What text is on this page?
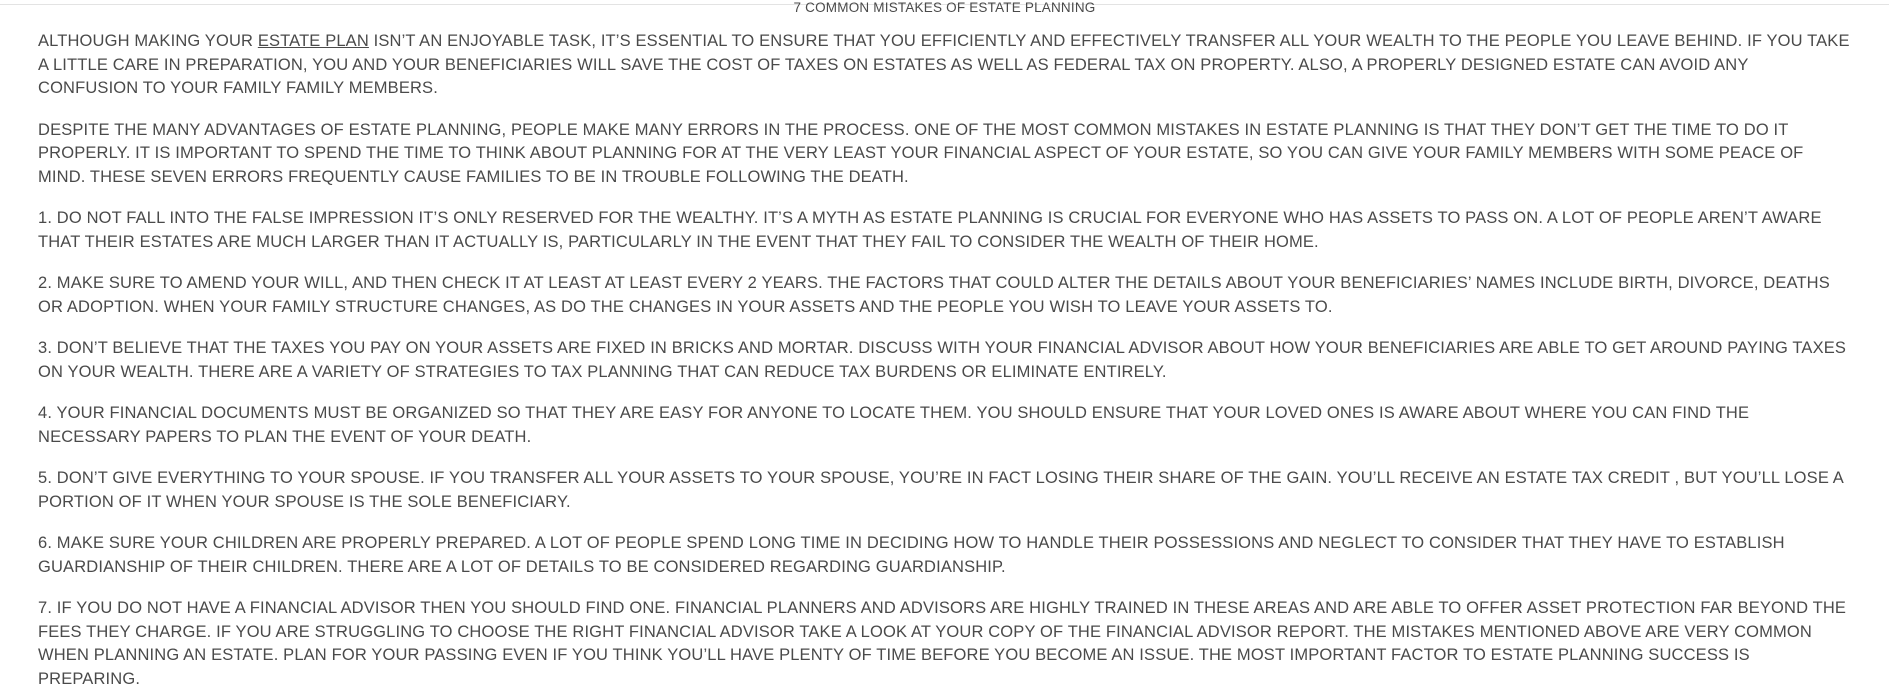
7 COMMON MISTAKES OF ESTATE PLANNING

ALTHOUGH MAKING YOUR ESTATE PLAN ISN’T AN ENJOYABLE TASK, IT’S ESSENTIAL TO ENSURE THAT YOU EFFICIENTLY AND EFFECTIVELY TRANSFER ALL YOUR WEALTH TO THE PEOPLE YOU LEAVE BEHIND. IF YOU TAKE A LITTLE CARE IN PREPARATION, YOU AND YOUR BENEFICIARIES WILL SAVE THE COST OF TAXES ON ESTATES AS WELL AS FEDERAL TAX ON PROPERTY. ALSO, A PROPERLY DESIGNED ESTATE CAN AVOID ANY CONFUSION TO YOUR FAMILY FAMILY MEMBERS.

DESPITE THE MANY ADVANTAGES OF ESTATE PLANNING, PEOPLE MAKE MANY ERRORS IN THE PROCESS. ONE OF THE MOST COMMON MISTAKES IN ESTATE PLANNING IS THAT THEY DON’T GET THE TIME TO DO IT PROPERLY. IT IS IMPORTANT TO SPEND THE TIME TO THINK ABOUT PLANNING FOR AT THE VERY LEAST YOUR FINANCIAL ASPECT OF YOUR ESTATE, SO YOU CAN GIVE YOUR FAMILY MEMBERS WITH SOME PEACE OF MIND. THESE SEVEN ERRORS FREQUENTLY CAUSE FAMILIES TO BE IN TROUBLE FOLLOWING THE DEATH.

1. DO NOT FALL INTO THE FALSE IMPRESSION IT’S ONLY RESERVED FOR THE WEALTHY. IT’S A MYTH AS ESTATE PLANNING IS CRUCIAL FOR EVERYONE WHO HAS ASSETS TO PASS ON. A LOT OF PEOPLE AREN’T AWARE THAT THEIR ESTATES ARE MUCH LARGER THAN IT ACTUALLY IS, PARTICULARLY IN THE EVENT THAT THEY FAIL TO CONSIDER THE WEALTH OF THEIR HOME.

2. MAKE SURE TO AMEND YOUR WILL, AND THEN CHECK IT AT LEAST AT LEAST EVERY 2 YEARS. THE FACTORS THAT COULD ALTER THE DETAILS ABOUT YOUR BENEFICIARIES’ NAMES INCLUDE BIRTH, DIVORCE, DEATHS OR ADOPTION. WHEN YOUR FAMILY STRUCTURE CHANGES, AS DO THE CHANGES IN YOUR ASSETS AND THE PEOPLE YOU WISH TO LEAVE YOUR ASSETS TO.

3. DON’T BELIEVE THAT THE TAXES YOU PAY ON YOUR ASSETS ARE FIXED IN BRICKS AND MORTAR. DISCUSS WITH YOUR FINANCIAL ADVISOR ABOUT HOW YOUR BENEFICIARIES ARE ABLE TO GET AROUND PAYING TAXES ON YOUR WEALTH. THERE ARE A VARIETY OF STRATEGIES TO TAX PLANNING THAT CAN REDUCE TAX BURDENS OR ELIMINATE ENTIRELY.

4. YOUR FINANCIAL DOCUMENTS MUST BE ORGANIZED SO THAT THEY ARE EASY FOR ANYONE TO LOCATE THEM. YOU SHOULD ENSURE THAT YOUR LOVED ONES IS AWARE ABOUT WHERE YOU CAN FIND THE NECESSARY PAPERS TO PLAN THE EVENT OF YOUR DEATH.

5. DON’T GIVE EVERYTHING TO YOUR SPOUSE. IF YOU TRANSFER ALL YOUR ASSETS TO YOUR SPOUSE, YOU’RE IN FACT LOSING THEIR SHARE OF THE GAIN. YOU’LL RECEIVE AN ESTATE TAX CREDIT , BUT YOU’LL LOSE A PORTION OF IT WHEN YOUR SPOUSE IS THE SOLE BENEFICIARY.

6. MAKE SURE YOUR CHILDREN ARE PROPERLY PREPARED. A LOT OF PEOPLE SPEND LONG TIME IN DECIDING HOW TO HANDLE THEIR POSSESSIONS AND NEGLECT TO CONSIDER THAT THEY HAVE TO ESTABLISH GUARDIANSHIP OF THEIR CHILDREN. THERE ARE A LOT OF DETAILS TO BE CONSIDERED REGARDING GUARDIANSHIP.

7. IF YOU DO NOT HAVE A FINANCIAL ADVISOR THEN YOU SHOULD FIND ONE. FINANCIAL PLANNERS AND ADVISORS ARE HIGHLY TRAINED IN THESE AREAS AND ARE ABLE TO OFFER ASSET PROTECTION FAR BEYOND THE FEES THEY CHARGE. IF YOU ARE STRUGGLING TO CHOOSE THE RIGHT FINANCIAL ADVISOR TAKE A LOOK AT YOUR COPY OF THE FINANCIAL ADVISOR REPORT. THE MISTAKES MENTIONED ABOVE ARE VERY COMMON WHEN PLANNING AN ESTATE. PLAN FOR YOUR PASSING EVEN IF YOU THINK YOU’LL HAVE PLENTY OF TIME BEFORE YOU BECOME AN ISSUE. THE MOST IMPORTANT FACTOR TO ESTATE PLANNING SUCCESS IS PREPARING.
